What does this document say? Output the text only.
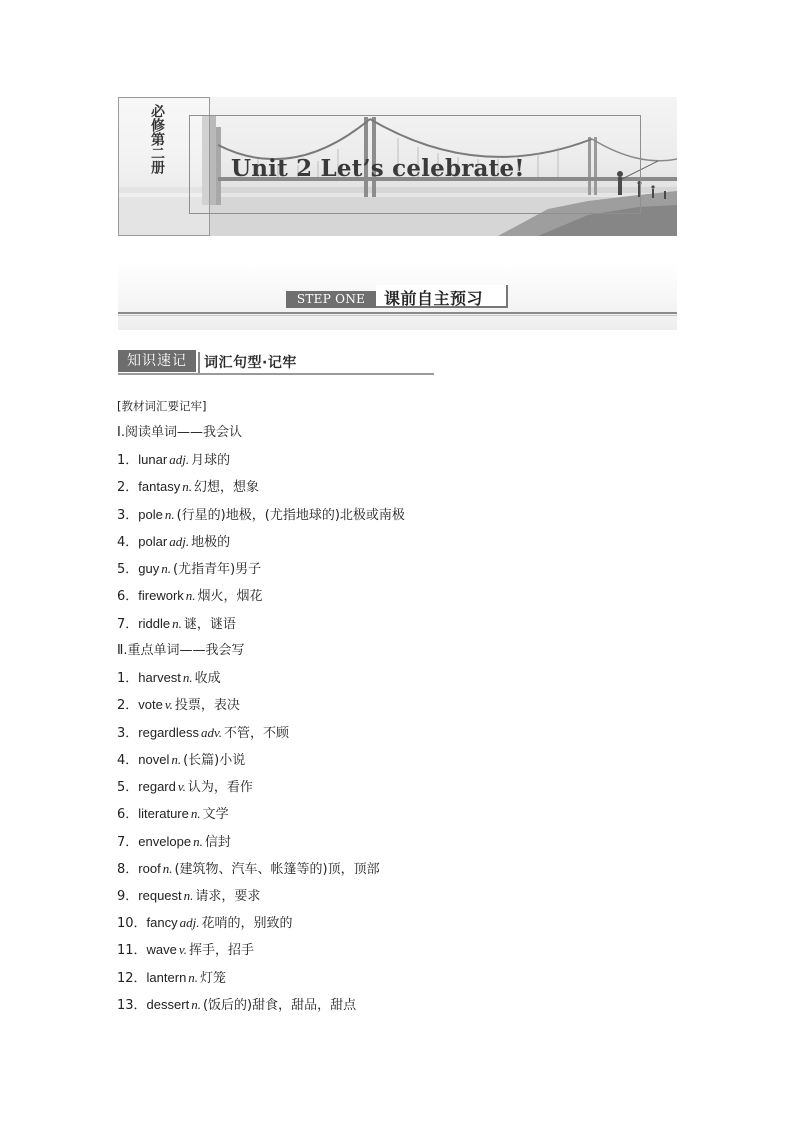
必修第二册	Unit 2 Let’s celebrate!
STEP ONE	课前自主预习
知识速记	词汇句型·记牢
[教材词汇要记牢]
Ⅰ.阅读单词——我会认
1．lunar adj. 月球的
2．fantasy n. 幻想，想象
3．pole n. (行星的)地极，(尤指地球的)北极或南极
4．polar adj. 地极的
5．guy n. (尤指青年)男子
6．firework n. 烟火，烟花
7．riddle n. 谜，谜语
Ⅱ.重点单词——我会写
1．harvest n. 收成
2．vote v. 投票，表决
3．regardless adv. 不管，不顾
4．novel n. (长篇)小说
5．regard v. 认为，看作
6．literature n. 文学
7．envelope n. 信封
8．roof n. (建筑物、汽车、帐篷等的)顶，顶部
9．request n. 请求，要求
10．fancy adj. 花哨的，别致的
11．wave v. 挥手，招手
12．lantern n. 灯笼
13．dessert n. (饭后的)甜食，甜品，甜点
